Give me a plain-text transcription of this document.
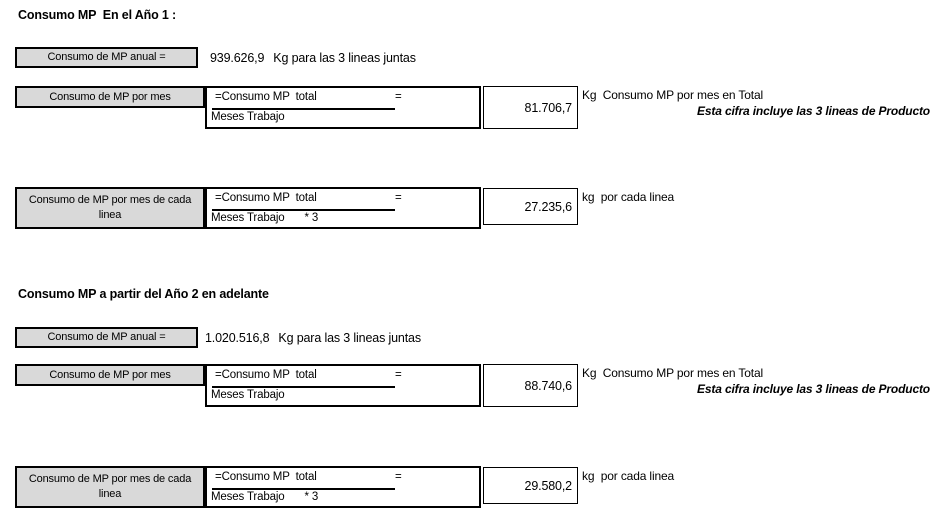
Consumo MP  En el Año 1 :
Consumo de MP anual =	939.626,9 Kg para las 3 lineas juntas
Consumo de MP por mes	=Consumo MP  total	=
Meses Trabajo
81.706,7
Kg  Consumo MP por mes en Total
Esta cifra incluye las 3 lineas de Producto
Consumo de MP por mes de cada linea
=Consumo MP  total	=
Meses Trabajo * 3
27.235,6
kg  por cada linea
Consumo MP a partir del Año 2 en adelante
Consumo de MP anual =	1.020.516,8 Kg para las 3 lineas juntas
Consumo de MP por mes	=Consumo MP  total	=
Meses Trabajo
88.740,6
Kg  Consumo MP por mes en Total
Esta cifra incluye las 3 lineas de Producto
Consumo de MP por mes de cada linea
=Consumo MP  total	=
Meses Trabajo * 3
29.580,2
kg  por cada linea
